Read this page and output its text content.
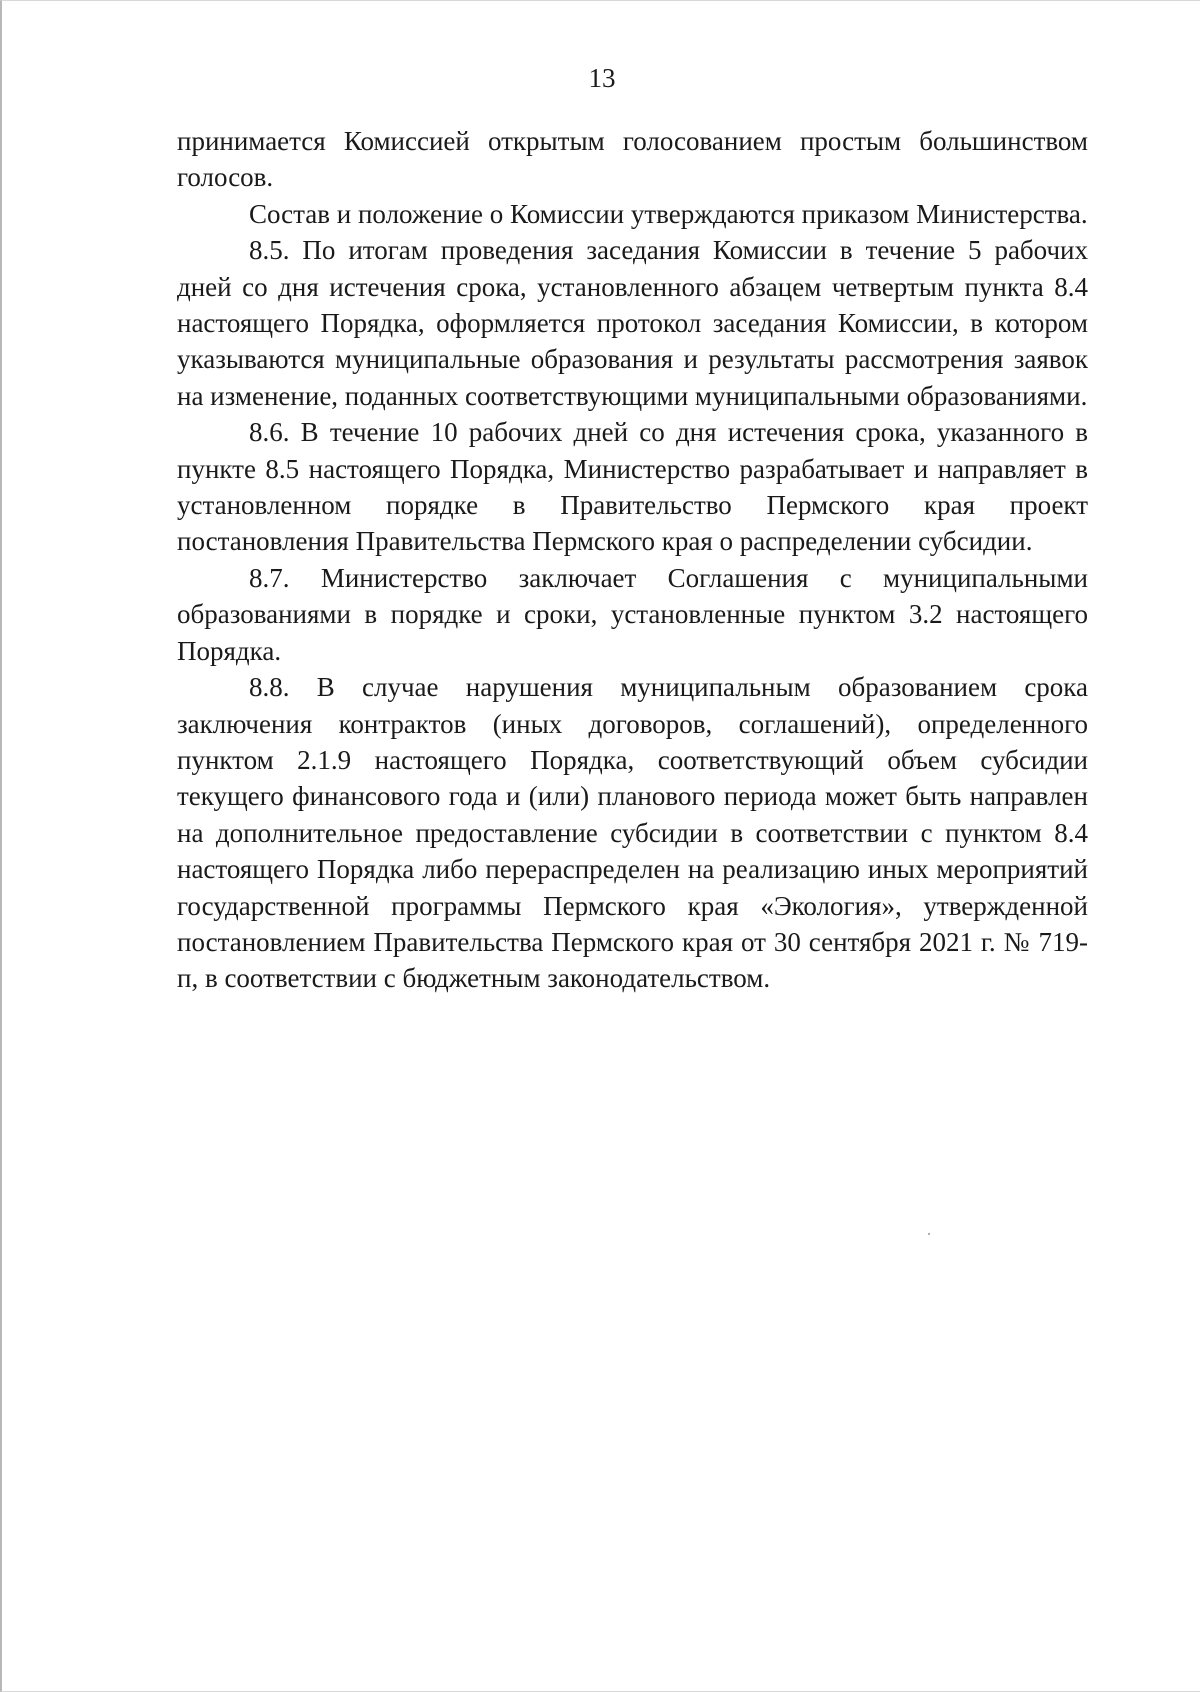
13

принимается Комиссией открытым голосованием простым большинством голосов.

Состав и положение о Комиссии утверждаются приказом Министерства.

8.5. По итогам проведения заседания Комиссии в течение 5 рабочих дней со дня истечения срока, установленного абзацем четвертым пункта 8.4 настоящего Порядка, оформляется протокол заседания Комиссии, в котором указываются муниципальные образования и результаты рассмотрения заявок на изменение, поданных соответствующими муниципальными образованиями.

8.6. В течение 10 рабочих дней со дня истечения срока, указанного в пункте 8.5 настоящего Порядка, Министерство разрабатывает и направляет в установленном порядке в Правительство Пермского края проект постановления Правительства Пермского края о распределении субсидии.

8.7. Министерство заключает Соглашения с муниципальными образованиями в порядке и сроки, установленные пунктом 3.2 настоящего Порядка.

8.8. В случае нарушения муниципальным образованием срока заключения контрактов (иных договоров, соглашений), определенного пунктом 2.1.9 настоящего Порядка, соответствующий объем субсидии текущего финансового года и (или) планового периода может быть направлен на дополнительное предоставление субсидии в соответствии с пунктом 8.4 настоящего Порядка либо перераспределен на реализацию иных мероприятий государственной программы Пермского края «Экология», утвержденной постановлением Правительства Пермского края от 30 сентября 2021 г. № 719-п, в соответствии с бюджетным законодательством.
